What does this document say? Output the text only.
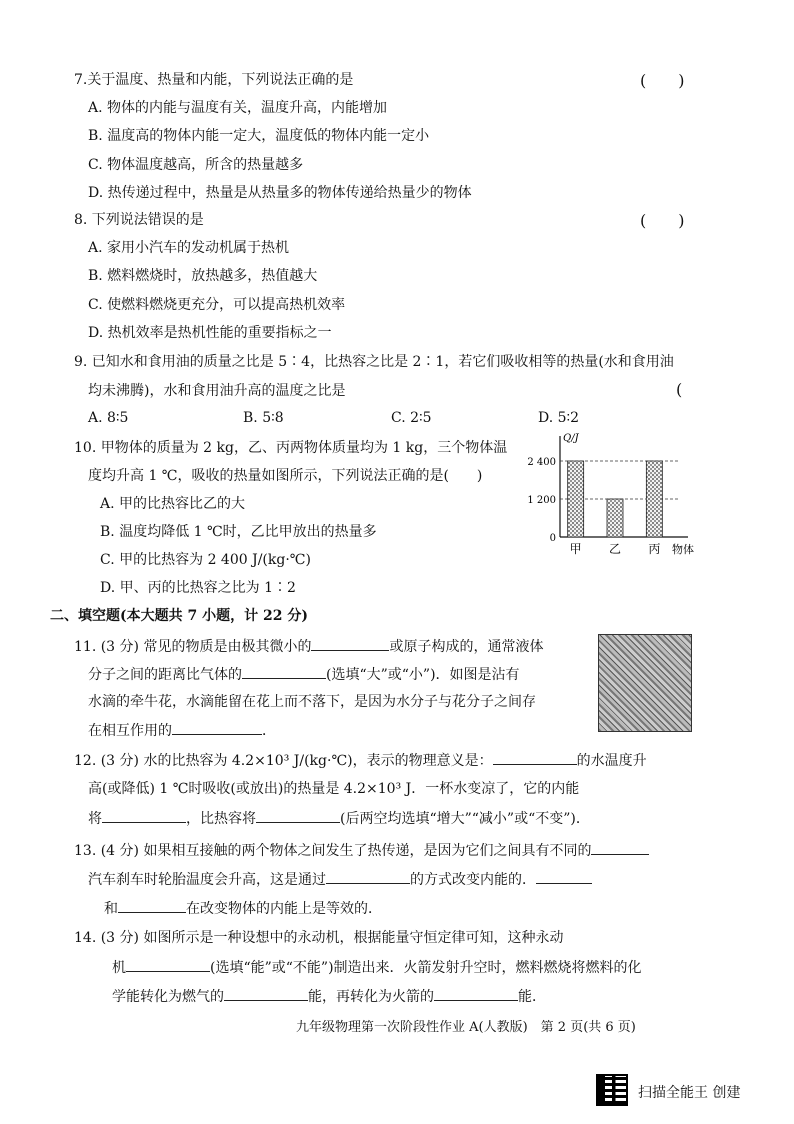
7.关于温度、热量和内能，下列说法正确的是	(　　)
A. 物体的内能与温度有关，温度升高，内能增加
B. 温度高的物体内能一定大，温度低的物体内能一定小
C. 物体温度越高，所含的热量越多
D. 热传递过程中，热量是从热量多的物体传递给热量少的物体
8. 下列说法错误的是	(　　)
A. 家用小汽车的发动机属于热机
B. 燃料燃烧时，放热越多，热值越大
C. 使燃料燃烧更充分，可以提高热机效率
D. 热机效率是热机性能的重要指标之一
9. 已知水和食用油的质量之比是 5∶4，比热容之比是 2∶1，若它们吸收相等的热量(水和食用油
均未沸腾)，水和食用油升高的温度之比是	(
A. 8∶5	B. 5∶8	C. 2∶5	D. 5∶2
10. 甲物体的质量为 2 kg，乙、丙两物体质量均为 1 kg，三个物体温
度均升高 1 ℃，吸收的热量如图所示，下列说法正确的是(　　)
A. 甲的比热容比乙的大
B. 温度均降低 1 ℃时，乙比甲放出的热量多
C. 甲的比热容为 2 400 J/(kg·℃)
D. 甲、丙的比热容之比为 1∶2
Q/J
物体
2 400
1 200
0
甲 乙 丙
二、填空题(本大题共 7 小题，计 22 分)
11. (3 分) 常见的物质是由极其微小的	或原子构成的，通常液体
分子之间的距离比气体的	(选填“大”或“小”)．如图是沾有
水滴的牵牛花，水滴能留在花上而不落下，是因为水分子与花分子之间存
在相互作用的	．
12. (3 分) 水的比热容为 4.2×10³ J/(kg·℃)，表示的物理意义是：	的水温度升
高(或降低) 1 ℃时吸收(或放出)的热量是 4.2×10³ J．一杯水变凉了，它的内能
将	，比热容将	(后两空均选填“增大”“减小”或“不变”)．
13. (4 分) 如果相互接触的两个物体之间发生了热传递，是因为它们之间具有不同的
汽车刹车时轮胎温度会升高，这是通过	的方式改变内能的．
和	在改变物体的内能上是等效的．
14. (3 分) 如图所示是一种设想中的永动机，根据能量守恒定律可知，这种永动
机	(选填“能”或“不能”)制造出来．火箭发射升空时，燃料燃烧将燃料的化
学能转化为燃气的	能，再转化为火箭的	能．
九年级物理第一次阶段性作业 A(人教版)　第 2 页(共 6 页)
扫描全能王 创建
